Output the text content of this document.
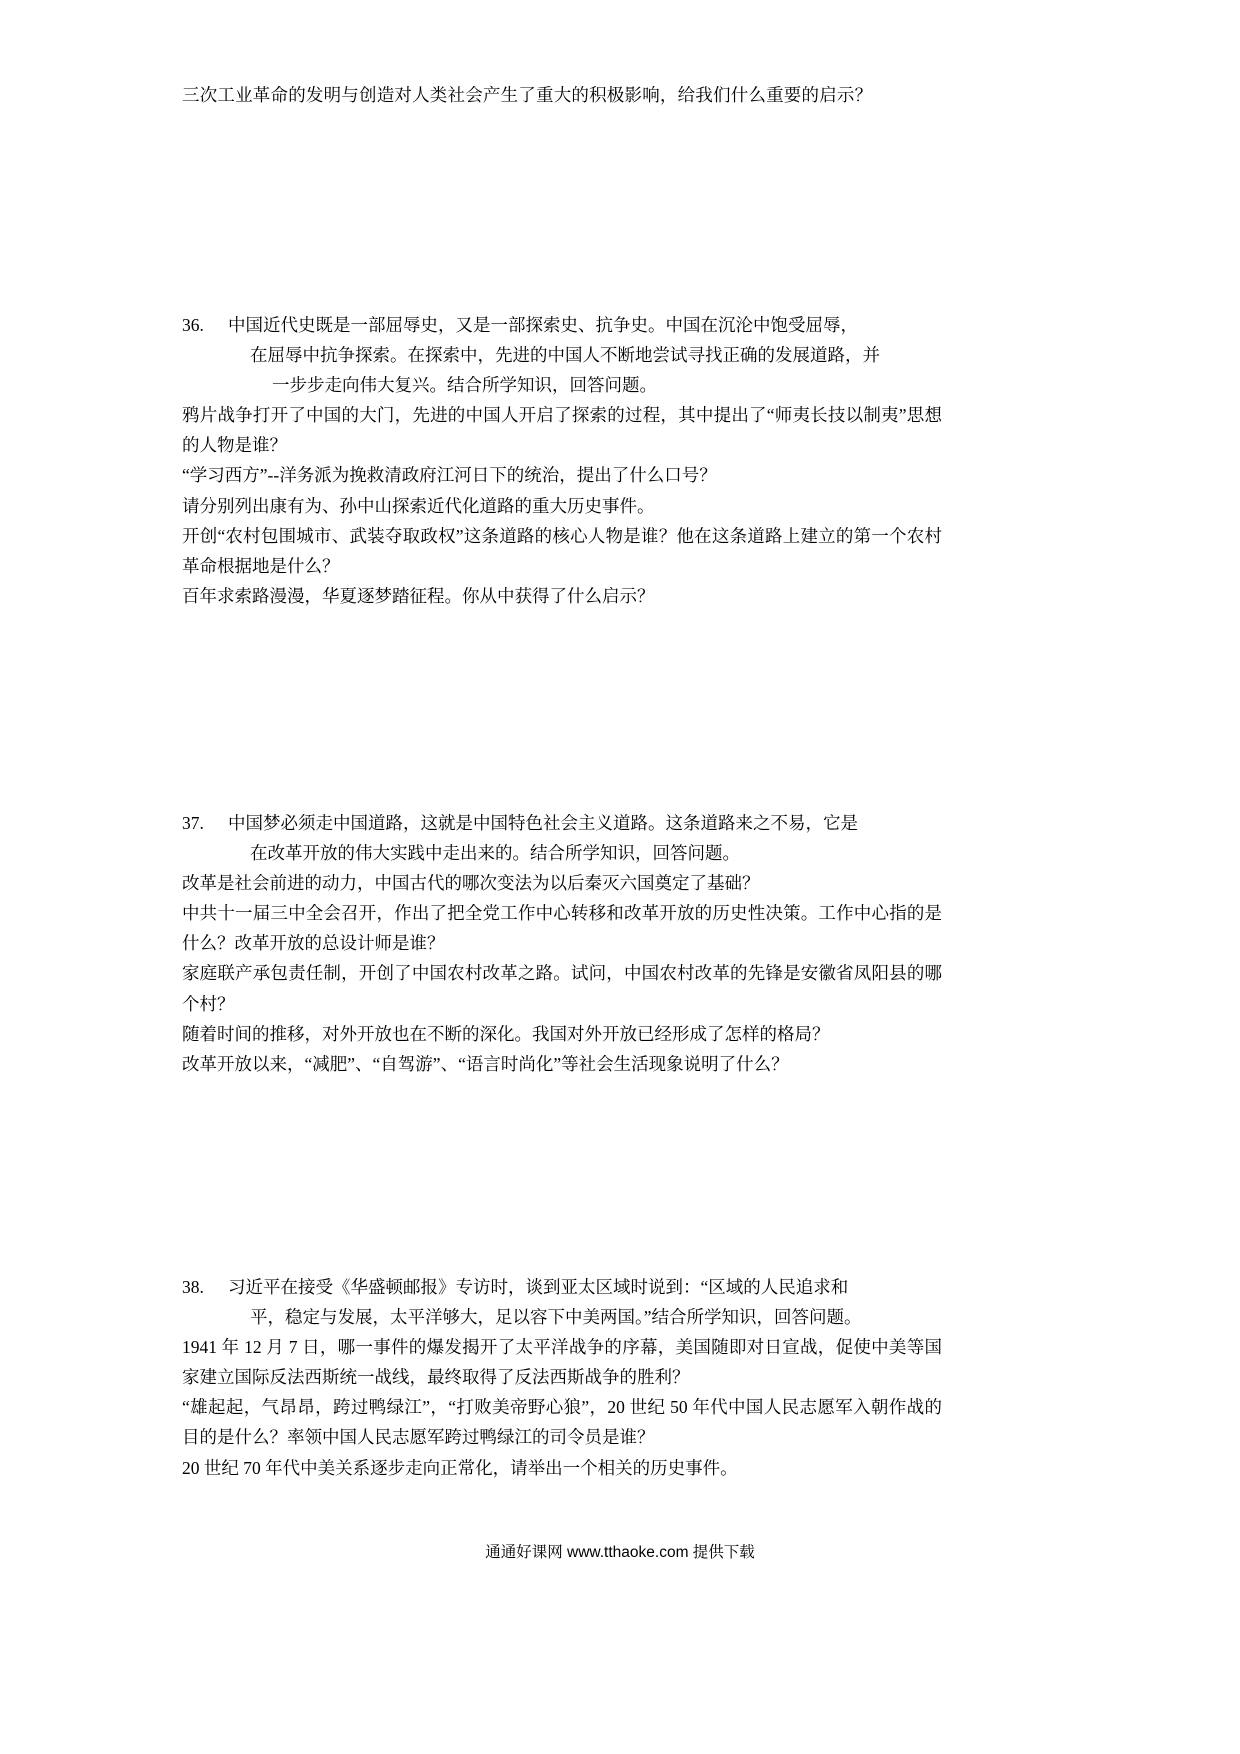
三次工业革命的发明与创造对人类社会产生了重大的积极影响，给我们什么重要的启示？

36.	中国近代史既是一部屈辱史，又是一部探索史、抗争史。中国在沉沦中饱受屈辱，
在屈辱中抗争探索。在探索中，先进的中国人不断地尝试寻找正确的发展道路，并
一步步走向伟大复兴。结合所学知识，回答问题。

鸦片战争打开了中国的大门，先进的中国人开启了探索的过程，其中提出了“师夷长技以制夷”思想的人物是谁？

“学习西方”--洋务派为挽救清政府江河日下的统治，提出了什么口号？

请分别列出康有为、孙中山探索近代化道路的重大历史事件。

开创“农村包围城市、武装夺取政权”这条道路的核心人物是谁？他在这条道路上建立的第一个农村革命根据地是什么？

百年求索路漫漫，华夏逐梦踏征程。你从中获得了什么启示？

37.	中国梦必须走中国道路，这就是中国特色社会主义道路。这条道路来之不易，它是
在改革开放的伟大实践中走出来的。结合所学知识，回答问题。

改革是社会前进的动力，中国古代的哪次变法为以后秦灭六国奠定了基础？

中共十一届三中全会召开，作出了把全党工作中心转移和改革开放的历史性决策。工作中心指的是什么？改革开放的总设计师是谁？

家庭联产承包责任制，开创了中国农村改革之路。试问，中国农村改革的先锋是安徽省凤阳县的哪个村？

随着时间的推移，对外开放也在不断的深化。我国对外开放已经形成了怎样的格局？

改革开放以来，“减肥”、“自驾游”、“语言时尚化”等社会生活现象说明了什么？

38.	习近平在接受《华盛顿邮报》专访时，谈到亚太区域时说到：“区域的人民追求和
平，稳定与发展，太平洋够大，足以容下中美两国。”结合所学知识，回答问题。

1941 年 12 月 7 日，哪一事件的爆发揭开了太平洋战争的序幕，美国随即对日宣战，促使中美等国家建立国际反法西斯统一战线，最终取得了反法西斯战争的胜利？

“雄起起，气昂昂，跨过鸭绿江”，“打败美帝野心狼”，20 世纪 50 年代中国人民志愿军入朝作战的目的是什么？率领中国人民志愿军跨过鸭绿江的司令员是谁？

20 世纪 70 年代中美关系逐步走向正常化，请举出一个相关的历史事件。

通通好课网 www.tthaoke.com 提供下载
